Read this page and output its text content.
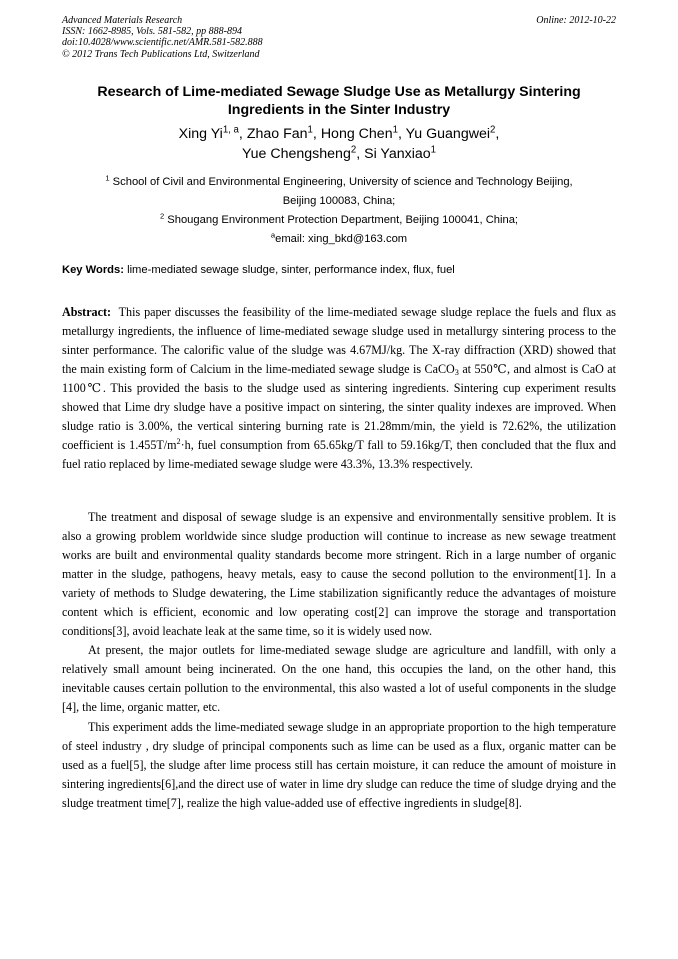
Advanced Materials Research
ISSN: 1662-8985, Vols. 581-582, pp 888-894
doi:10.4028/www.scientific.net/AMR.581-582.888
© 2012 Trans Tech Publications Ltd, Switzerland
Online: 2012-10-22
Research of Lime-mediated Sewage Sludge Use as Metallurgy Sintering
Ingredients in the Sinter Industry
Xing Yi$^{1, a}$, Zhao Fan$^1$, Hong Chen$^1$, Yu Guangwei$^2$,
Yue Chengsheng$^2$, Si Yanxiao$^1$
$^1$ School of Civil and Environmental Engineering, University of science and Technology Beijing,
Beijing 100083, China;
$^2$ Shougang Environment Protection Department, Beijing 100041, China;
$^a$email: xing_bkd@163.com
Key Words: lime-mediated sewage sludge, sinter, performance index, flux, fuel
Abstract: This paper discusses the feasibility of the lime-mediated sewage sludge replace the fuels and flux as metallurgy ingredients, the influence of lime-mediated sewage sludge used in metallurgy sintering process to the sinter performance. The calorific value of the sludge was 4.67MJ/kg. The X-ray diffraction (XRD) showed that the main existing form of Calcium in the lime-mediated sewage sludge is CaCO$_3$ at 550℃, and almost is CaO at 1100℃. This provided the basis to the sludge used as sintering ingredients. Sintering cup experiment results showed that Lime dry sludge have a positive impact on sintering, the sinter quality indexes are improved. When sludge ratio is 3.00%, the vertical sintering burning rate is 21.28mm/min, the yield is 72.62%, the utilization coefficient is $1.455T/m^2\cdot h$, fuel consumption from 65.65kg/T fall to 59.16kg/T, then concluded that the flux and fuel ratio replaced by lime-mediated sewage sludge were 43.3%, 13.3% respectively.
The treatment and disposal of sewage sludge is an expensive and environmentally sensitive problem. It is also a growing problem worldwide since sludge production will continue to increase as new sewage treatment works are built and environmental quality standards become more stringent. Rich in a large number of organic matter in the sludge, pathogens, heavy metals, easy to cause the second pollution to the environment[1]. In a variety of methods to Sludge dewatering, the Lime stabilization significantly reduce the advantages of moisture content which is efficient, economic and low operating cost[2] can improve the storage and transportation conditions[3], avoid leachate leak at the same time, so it is widely used now.
At present, the major outlets for lime-mediated sewage sludge are agriculture and landfill, with only a relatively small amount being incinerated. On the one hand, this occupies the land, on the other hand, this inevitable causes certain pollution to the environmental, this also wasted a lot of useful components in the sludge [4], the lime, organic matter, etc.
This experiment adds the lime-mediated sewage sludge in an appropriate proportion to the high temperature of steel industry , dry sludge of principal components such as lime can be used as a flux, organic matter can be used as a fuel[5], the sludge after lime process still has certain moisture, it can reduce the amount of moisture in sintering ingredients[6],and the direct use of water in lime dry sludge can reduce the time of sludge drying and the sludge treatment time[7], realize the high value-added use of effective ingredients in sludge[8].
